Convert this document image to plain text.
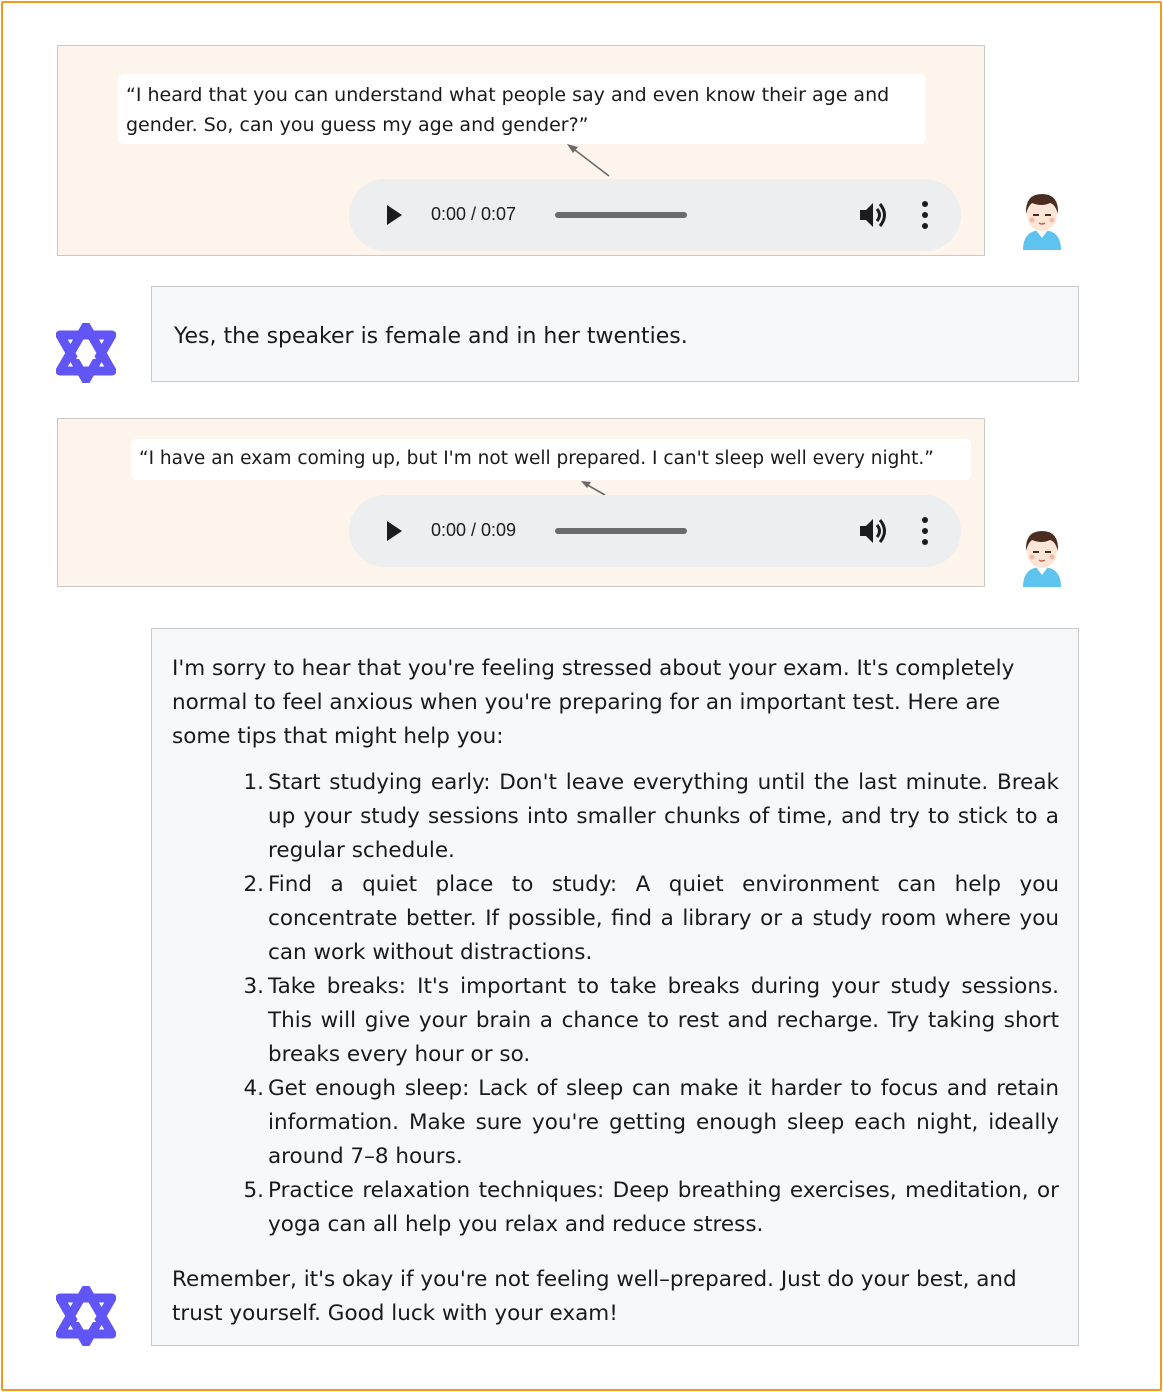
“I heard that you can understand what people say and even know their age and gender. So, can you guess my age and gender?”
0:00 / 0:07
Yes, the speaker is female and in her twenties.
“I have an exam coming up, but I'm not well prepared. I can't sleep well every night.”
0:00 / 0:09
I'm sorry to hear that you're feeling stressed about your exam. It's completely normal to feel anxious when you're preparing for an important test. Here are some tips that might help you:
1. Start studying early: Don't leave everything until the last minute. Break up your study sessions into smaller chunks of time, and try to stick to a regular schedule.
2. Find a quiet place to study: A quiet environment can help you concentrate better. If possible, find a library or a study room where you can work without distractions.
3. Take breaks: It's important to take breaks during your study sessions. This will give your brain a chance to rest and recharge. Try taking short breaks every hour or so.
4. Get enough sleep: Lack of sleep can make it harder to focus and retain information. Make sure you're getting enough sleep each night, ideally around 7–8 hours.
5. Practice relaxation techniques: Deep breathing exercises, meditation, or yoga can all help you relax and reduce stress.
Remember, it's okay if you're not feeling well–prepared. Just do your best, and trust yourself. Good luck with your exam!
